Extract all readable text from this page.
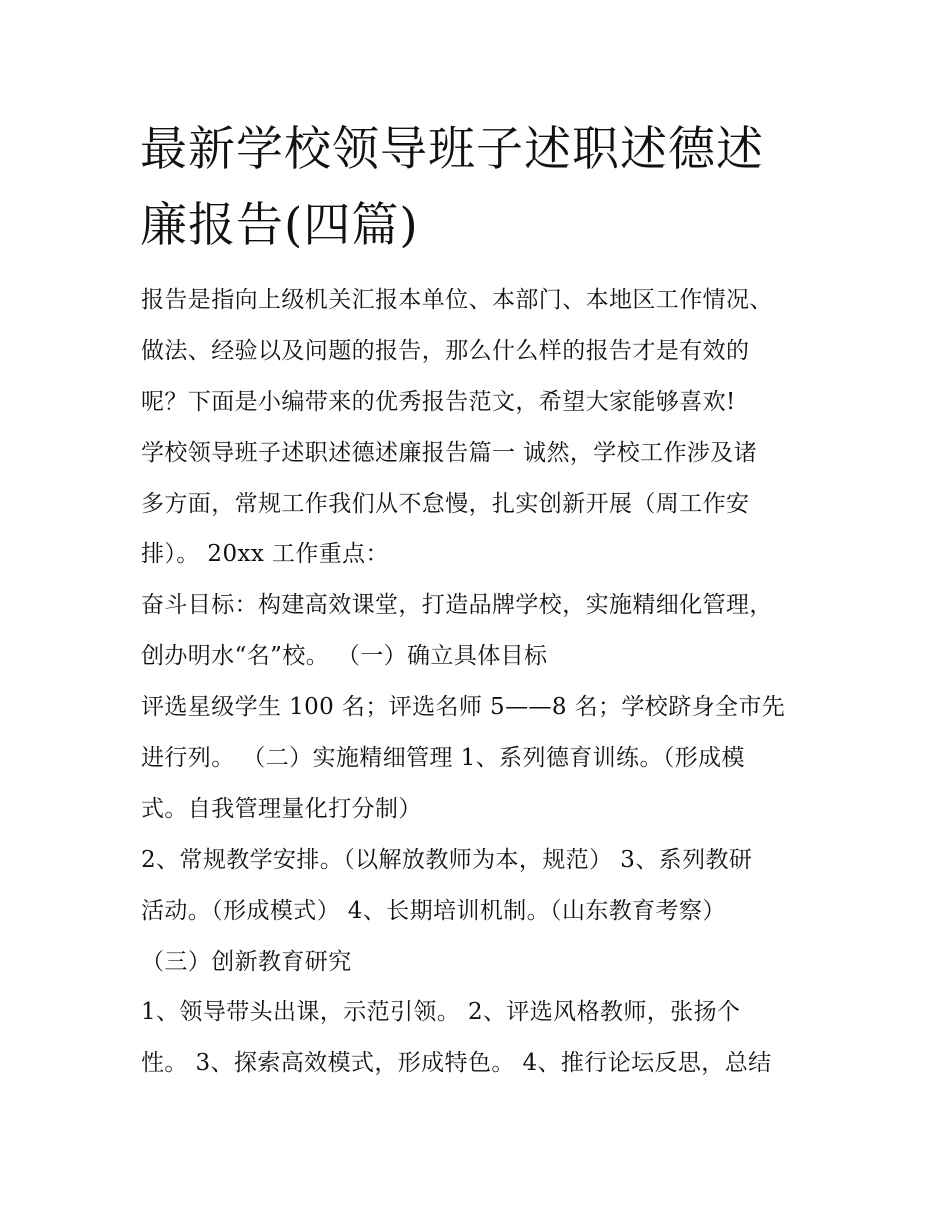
最新学校领导班子述职述德述
廉报告(四篇)
报告是指向上级机关汇报本单位、本部门、本地区工作情况、
做法、经验以及问题的报告，那么什么样的报告才是有效的
呢？下面是小编带来的优秀报告范文，希望大家能够喜欢!
学校领导班子述职述德述廉报告篇一 诚然，学校工作涉及诸
多方面，常规工作我们从不怠慢，扎实创新开展（周工作安
排）。 20xx 工作重点：
奋斗目标：构建高效课堂，打造品牌学校，实施精细化管理，
创办明水“名”校。 （一）确立具体目标
评选星级学生 100 名；评选名师 5——8 名；学校跻身全市先
进行列。 （二）实施精细管理 1、系列德育训练。（形成模
式。自我管理量化打分制）
2、常规教学安排。（以解放教师为本，规范） 3、系列教研
活动。（形成模式） 4、长期培训机制。（山东教育考察）
（三）创新教育研究
1、领导带头出课，示范引领。 2、评选风格教师，张扬个
性。 3、探索高效模式，形成特色。 4、推行论坛反思，总结
